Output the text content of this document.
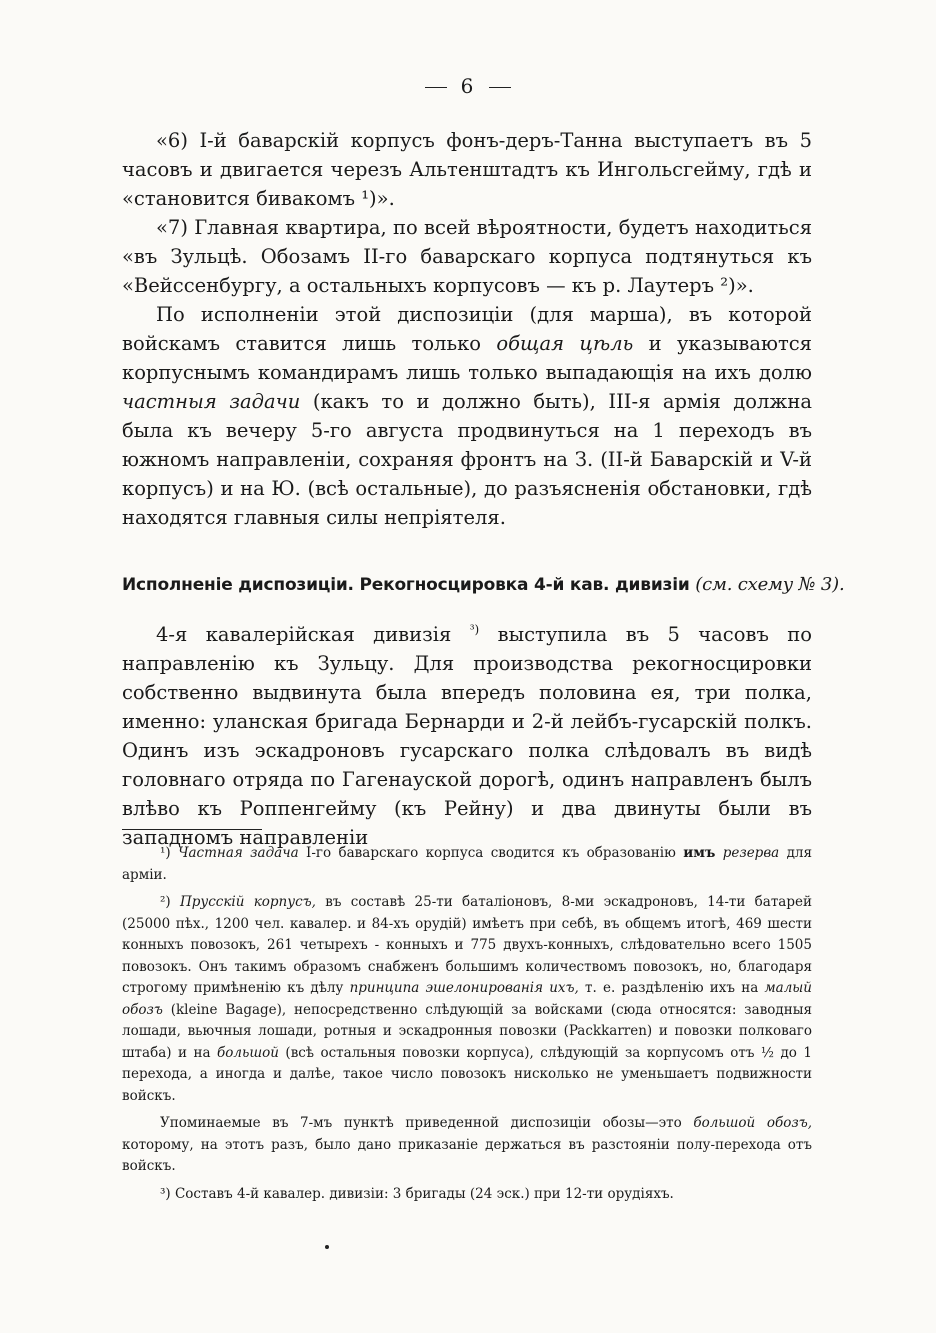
6

«6) I-й баварскій корпусъ фонъ-деръ-Танна выступаетъ въ 5 часовъ и двигается черезъ Альтенштадтъ къ Ингольсгейму, гдѣ и «становится бивакомъ ¹)».

«7) Главная квартира, по всей вѣроятности, будетъ находиться «въ Зульцѣ. Обозамъ II-го баварскаго корпуса подтянуться къ «Вейссенбургу, а остальныхъ корпусовъ — къ р. Лаутеръ ²)».

По исполненіи этой диспозиціи (для марша), въ которой войскамъ ставится лишь только общая цѣль и указываются корпуснымъ командирамъ лишь только выпадающія на ихъ долю частныя задачи (какъ то и должно быть), III-я армія должна была къ вечеру 5-го августа продвинуться на 1 переходъ въ южномъ направленіи, сохраняя фронтъ на З. (II-й Баварскій и V-й корпусъ) и на Ю. (всѣ остальные), до разъясненія обстановки, гдѣ находятся главныя силы непріятеля.

Исполненіе диспозиціи. Рекогносцировка 4-й кав. дивизіи (см. схему № 3).

4-я кавалерійская дивизія $^{^3)}$ выступила въ 5 часовъ по направленію къ Зульцу. Для производства рекогносцировки собственно выдвинута была впередъ половина ея, три полка, именно: уланская бригада Бернарди и 2-й лейбъ-гусарскій полкъ. Одинъ изъ эскадроновъ гусарскаго полка слѣдовалъ въ видѣ головнаго отряда по Гагенауской дорогѣ, одинъ направленъ былъ влѣво къ Роппенгейму (къ Рейну) и два двинуты были въ западномъ направленіи

¹) Частная задача I-го баварскаго корпуса сводится къ образованію имъ резерва для арміи.

²) Прусскій корпусъ, въ составѣ 25-ти баталіоновъ, 8-ми эскадроновъ, 14-ти батарей (25000 пѣх., 1200 чел. кавалер. и 84-хъ орудій) имѣетъ при себѣ, въ общемъ итогѣ, 469 шести конныхъ повозокъ, 261 четырехъ - конныхъ и 775 двухъ-конныхъ, слѣдовательно всего 1505 повозокъ. Онъ такимъ образомъ снабженъ большимъ количествомъ повозокъ, но, благодаря строгому примѣненію къ дѣлу принципа эшелонированія ихъ, т. е. раздѣленію ихъ на малый обозъ (kleine Bagage), непосредственно слѣдующій за войсками (сюда относятся: заводныя лошади, вьючныя лошади, ротныя и эскадронныя повозки (Packkarren) и повозки полковаго штаба) и на большой (всѣ остальныя повозки корпуса), слѣдующій за корпусомъ отъ ½ до 1 перехода, а иногда и далѣе, такое число повозокъ нисколько не уменьшаетъ подвижности войскъ.

Упоминаемые въ 7-мъ пунктѣ приведенной диспозиціи обозы—это большой обозъ, которому, на этотъ разъ, было дано приказаніе держаться въ разстояніи полу-перехода отъ войскъ.

³) Составъ 4-й кавалер. дивизіи: 3 бригады (24 эск.) при 12-ти орудіяхъ.
